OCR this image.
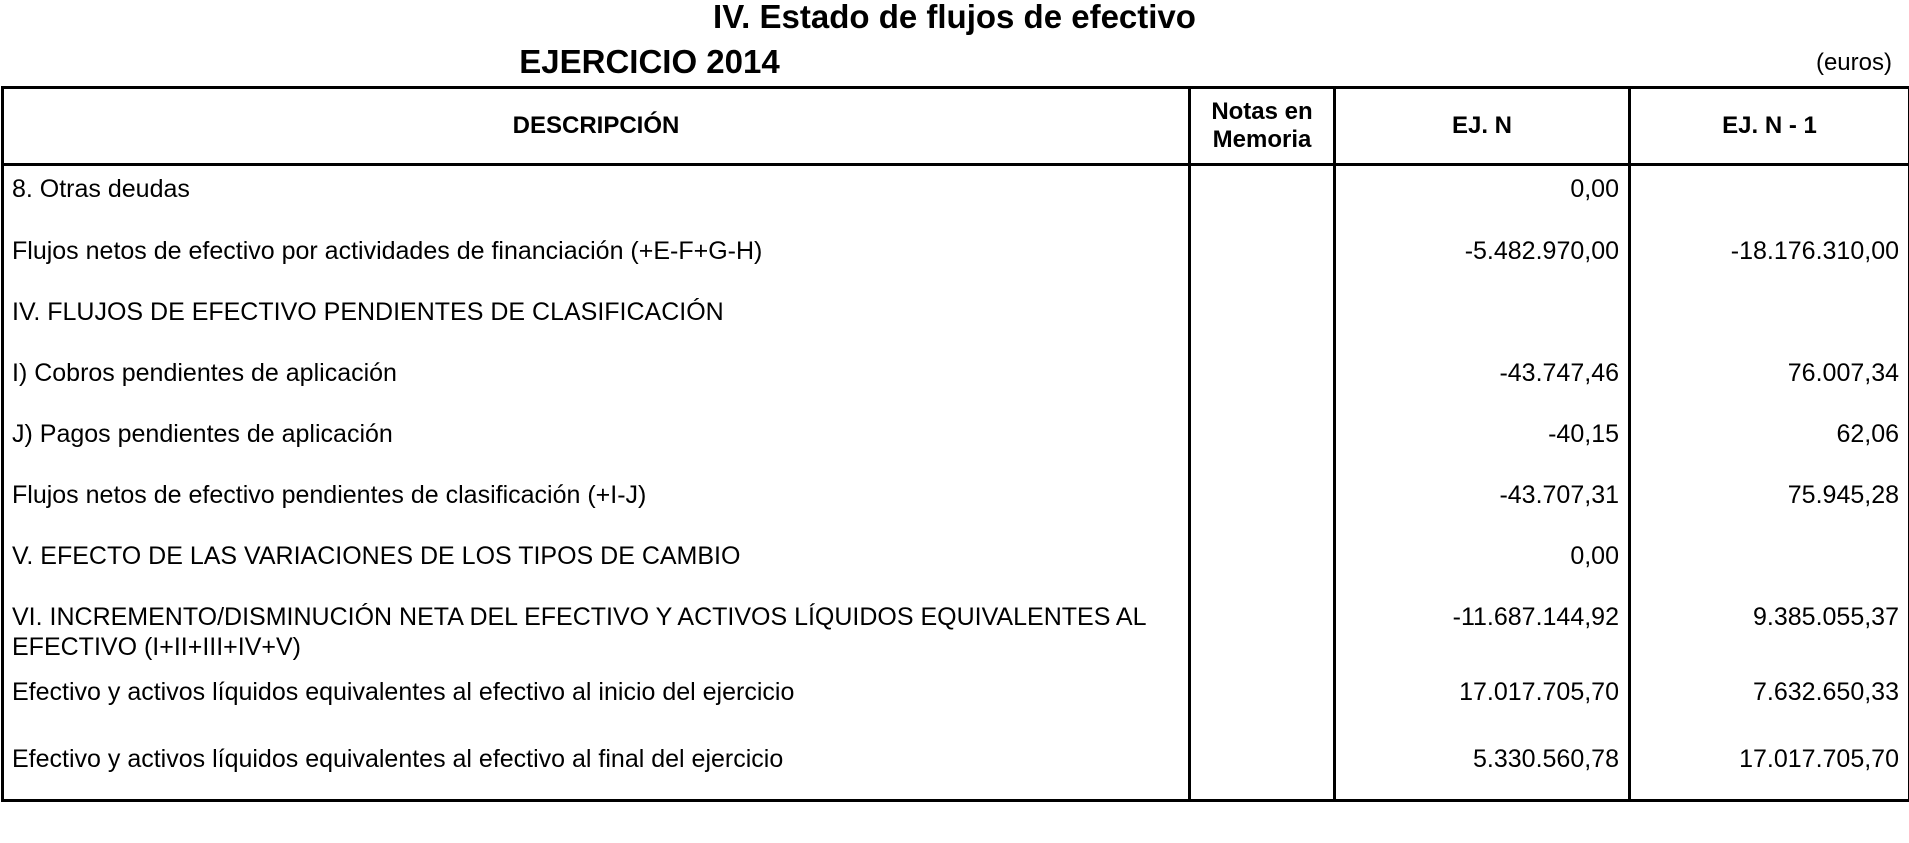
IV. Estado de flujos de efectivo
EJERCICIO 2014	(euros)
DESCRIPCIÓN	Notas en Memoria	EJ. N	EJ. N - 1
8. Otras deudas		0,00	
Flujos netos de efectivo por actividades de financiación (+E-F+G-H)		-5.482.970,00	-18.176.310,00
IV. FLUJOS DE EFECTIVO PENDIENTES DE CLASIFICACIÓN			
I) Cobros pendientes de aplicación		-43.747,46	76.007,34
J) Pagos pendientes de aplicación		-40,15	62,06
Flujos netos de efectivo pendientes de clasificación (+I-J)		-43.707,31	75.945,28
V. EFECTO DE LAS VARIACIONES DE LOS TIPOS DE CAMBIO		0,00	
VI. INCREMENTO/DISMINUCIÓN NETA DEL EFECTIVO Y ACTIVOS LÍQUIDOS EQUIVALENTES AL EFECTIVO (I+II+III+IV+V)		-11.687.144,92	9.385.055,37
Efectivo y activos líquidos equivalentes al efectivo al inicio del ejercicio		17.017.705,70	7.632.650,33
Efectivo y activos líquidos equivalentes al efectivo al final del ejercicio		5.330.560,78	17.017.705,70
